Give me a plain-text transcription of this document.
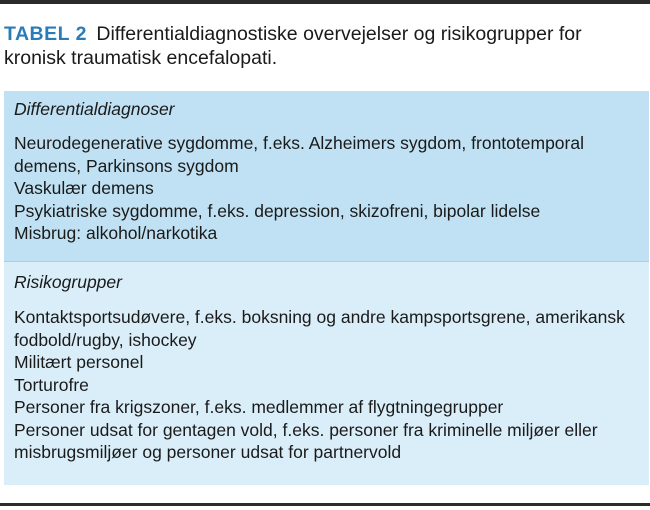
TABEL 2 Differentialdiagnostiske overvejelser og risikogrupper for kronisk traumatisk encefalopati.
Differentialdiagnoser
Neurodegenerative sygdomme, f.eks. Alzheimers sygdom, frontotemporal demens, Parkinsons sygdom
Vaskulær demens
Psykiatriske sygdomme, f.eks. depression, skizofreni, bipolar lidelse
Misbrug: alkohol/narkotika
Risikogrupper
Kontaktsportsudøvere, f.eks. boksning og andre kampsportsgrene, amerikansk fodbold/rugby, ishockey
Militært personel
Torturofre
Personer fra krigszoner, f.eks. medlemmer af flygtningegrupper
Personer udsat for gentagen vold, f.eks. personer fra kriminelle miljøer eller misbrugsmiljøer og personer udsat for partnervold
